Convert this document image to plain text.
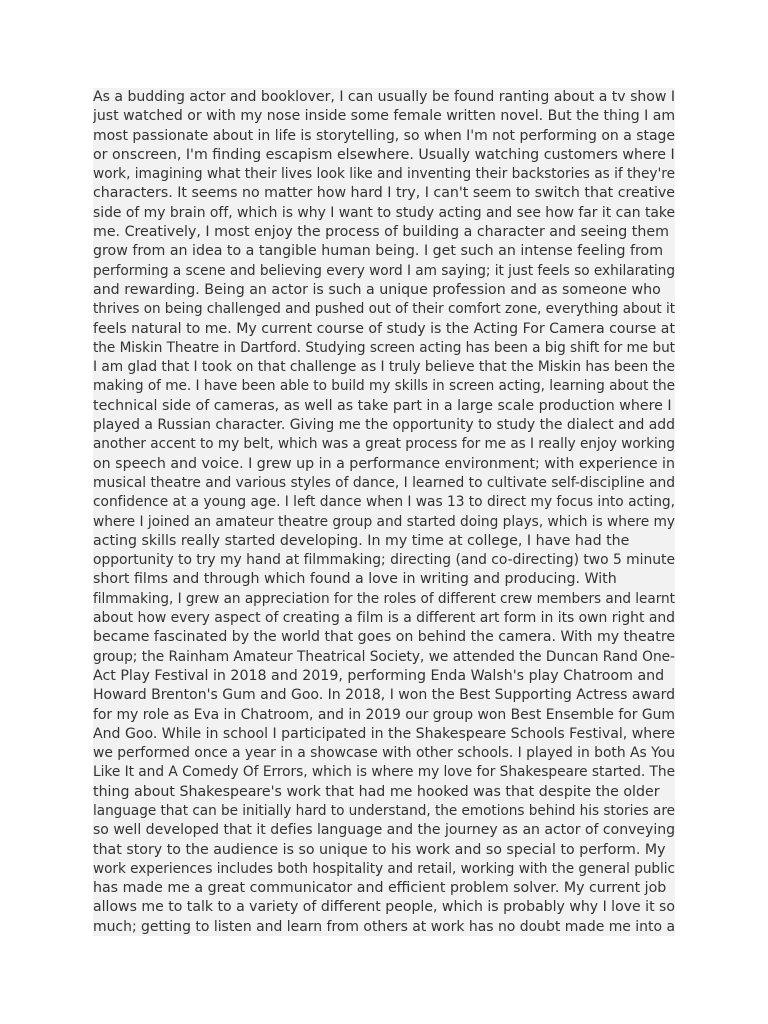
As a budding actor and booklover, I can usually be found ranting about a tv show I
just watched or with my nose inside some female written novel. But the thing I am
most passionate about in life is storytelling, so when I'm not performing on a stage
or onscreen, I'm finding escapism elsewhere. Usually watching customers where I
work, imagining what their lives look like and inventing their backstories as if they're
characters. It seems no matter how hard I try, I can't seem to switch that creative
side of my brain off, which is why I want to study acting and see how far it can take
me. Creatively, I most enjoy the process of building a character and seeing them
grow from an idea to a tangible human being. I get such an intense feeling from
performing a scene and believing every word I am saying; it just feels so exhilarating
and rewarding. Being an actor is such a unique profession and as someone who
thrives on being challenged and pushed out of their comfort zone, everything about it
feels natural to me. My current course of study is the Acting For Camera course at
the Miskin Theatre in Dartford. Studying screen acting has been a big shift for me but
I am glad that I took on that challenge as I truly believe that the Miskin has been the
making of me. I have been able to build my skills in screen acting, learning about the
technical side of cameras, as well as take part in a large scale production where I
played a Russian character. Giving me the opportunity to study the dialect and add
another accent to my belt, which was a great process for me as I really enjoy working
on speech and voice. I grew up in a performance environment; with experience in
musical theatre and various styles of dance, I learned to cultivate self-discipline and
confidence at a young age. I left dance when I was 13 to direct my focus into acting,
where I joined an amateur theatre group and started doing plays, which is where my
acting skills really started developing. In my time at college, I have had the
opportunity to try my hand at filmmaking; directing (and co-directing) two 5 minute
short films and through which found a love in writing and producing. With
filmmaking, I grew an appreciation for the roles of different crew members and learnt
about how every aspect of creating a film is a different art form in its own right and
became fascinated by the world that goes on behind the camera. With my theatre
group; the Rainham Amateur Theatrical Society, we attended the Duncan Rand One-
Act Play Festival in 2018 and 2019, performing Enda Walsh's play Chatroom and
Howard Brenton's Gum and Goo. In 2018, I won the Best Supporting Actress award
for my role as Eva in Chatroom, and in 2019 our group won Best Ensemble for Gum
And Goo. While in school I participated in the Shakespeare Schools Festival, where
we performed once a year in a showcase with other schools. I played in both As You
Like It and A Comedy Of Errors, which is where my love for Shakespeare started. The
thing about Shakespeare's work that had me hooked was that despite the older
language that can be initially hard to understand, the emotions behind his stories are
so well developed that it defies language and the journey as an actor of conveying
that story to the audience is so unique to his work and so special to perform. My
work experiences includes both hospitality and retail, working with the general public
has made me a great communicator and efficient problem solver. My current job
allows me to talk to a variety of different people, which is probably why I love it so
much; getting to listen and learn from others at work has no doubt made me into a
